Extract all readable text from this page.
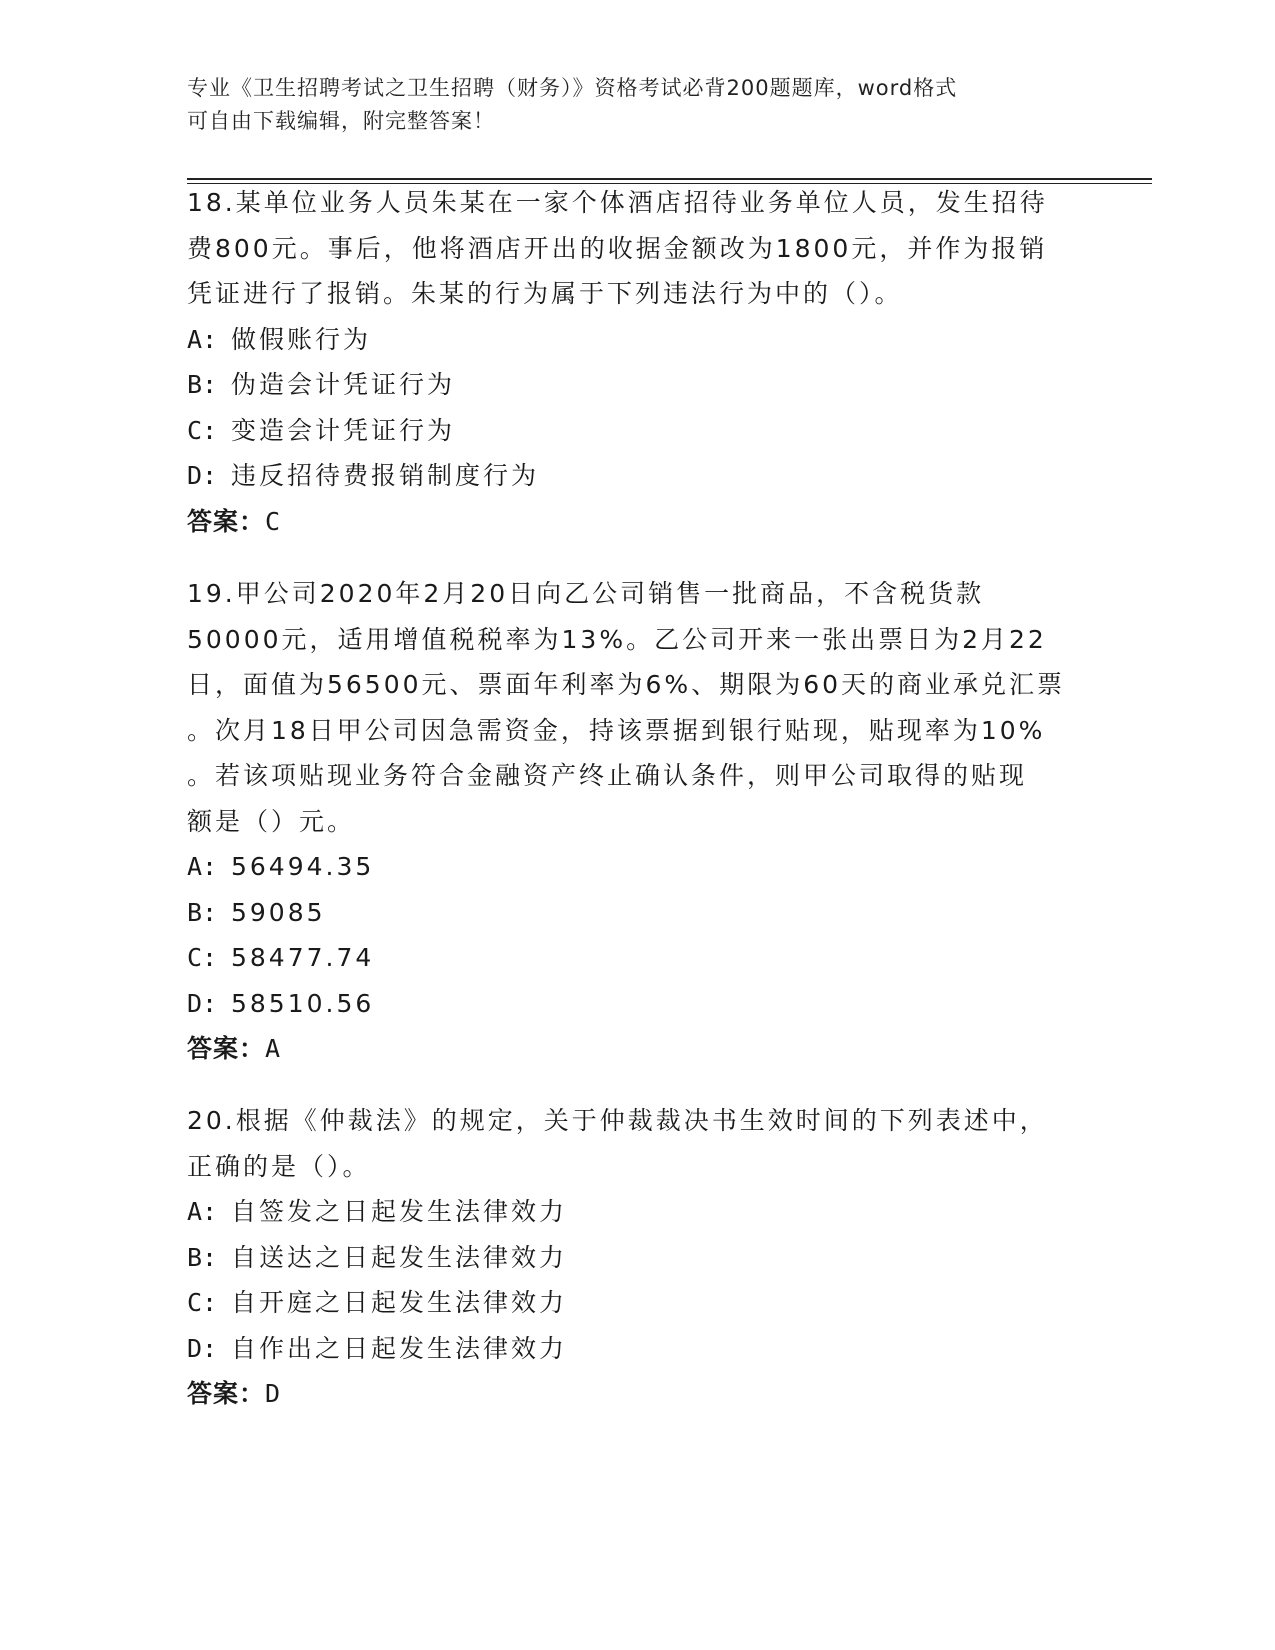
专业《卫生招聘考试之卫生招聘（财务）》资格考试必背200题题库，word格式
可自由下载编辑，附完整答案！

18.某单位业务人员朱某在一家个体酒店招待业务单位人员，发生招待
费800元。事后，他将酒店开出的收据金额改为1800元，并作为报销
凭证进行了报销。朱某的行为属于下列违法行为中的（）。

A: 做假账行为
B: 伪造会计凭证行为
C: 变造会计凭证行为
D: 违反招待费报销制度行为

答案：C

19.甲公司2020年2月20日向乙公司销售一批商品，不含税货款
50000元，适用增值税税率为13%。乙公司开来一张出票日为2月22
日，面值为56500元、票面年利率为6%、期限为60天的商业承兑汇票
。次月18日甲公司因急需资金，持该票据到银行贴现，贴现率为10%
。若该项贴现业务符合金融资产终止确认条件，则甲公司取得的贴现
额是（）元。

A: 56494.35
B: 59085
C: 58477.74
D: 58510.56

答案：A

20.根据《仲裁法》的规定，关于仲裁裁决书生效时间的下列表述中，
正确的是（）。

A: 自签发之日起发生法律效力
B: 自送达之日起发生法律效力
C: 自开庭之日起发生法律效力
D: 自作出之日起发生法律效力

答案：D
